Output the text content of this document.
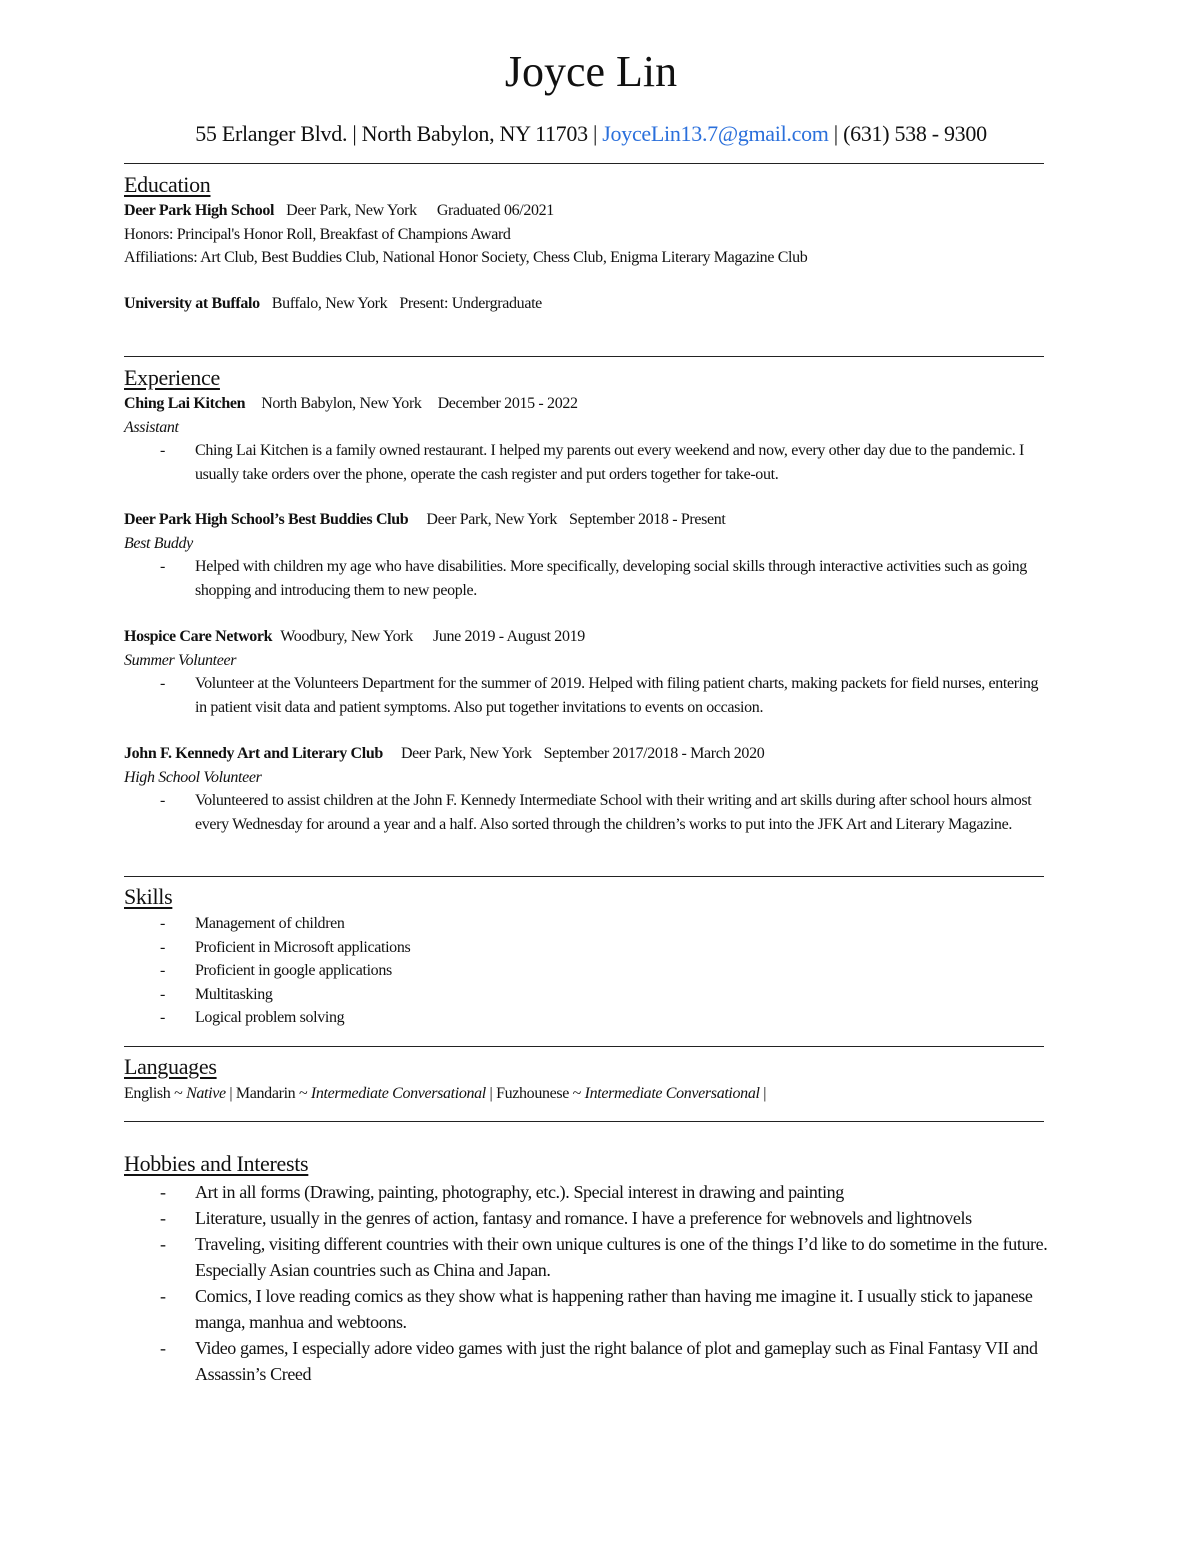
Joyce Lin
55 Erlanger Blvd. | North Babylon, NY 11703 | JoyceLin13.7@gmail.com | (631) 538 - 9300
Education
Deer Park High School Deer Park, New York Graduated 06/2021
Honors: Principal's Honor Roll, Breakfast of Champions Award
Affiliations: Art Club, Best Buddies Club, National Honor Society, Chess Club, Enigma Literary Magazine Club
University at Buffalo Buffalo, New York Present: Undergraduate
Experience
Ching Lai Kitchen North Babylon, New York December 2015 - 2022
Assistant
- Ching Lai Kitchen is a family owned restaurant. I helped my parents out every weekend and now, every other day due to the pandemic. I usually take orders over the phone, operate the cash register and put orders together for take-out.
Deer Park High School’s Best Buddies Club Deer Park, New York September 2018 - Present
Best Buddy
- Helped with children my age who have disabilities. More specifically, developing social skills through interactive activities such as going shopping and introducing them to new people.
Hospice Care Network Woodbury, New York June 2019 - August 2019
Summer Volunteer
- Volunteer at the Volunteers Department for the summer of 2019. Helped with filing patient charts, making packets for field nurses, entering in patient visit data and patient symptoms. Also put together invitations to events on occasion.
John F. Kennedy Art and Literary Club Deer Park, New York September 2017/2018 - March 2020
High School Volunteer
- Volunteered to assist children at the John F. Kennedy Intermediate School with their writing and art skills during after school hours almost every Wednesday for around a year and a half. Also sorted through the children’s works to put into the JFK Art and Literary Magazine.
Skills
- Management of children
- Proficient in Microsoft applications
- Proficient in google applications
- Multitasking
- Logical problem solving
Languages
English ~ Native | Mandarin ~ Intermediate Conversational | Fuzhounese ~ Intermediate Conversational |
Hobbies and Interests
- Art in all forms (Drawing, painting, photography, etc.). Special interest in drawing and painting
- Literature, usually in the genres of action, fantasy and romance. I have a preference for webnovels and lightnovels
- Traveling, visiting different countries with their own unique cultures is one of the things I’d like to do sometime in the future. Especially Asian countries such as China and Japan.
- Comics, I love reading comics as they show what is happening rather than having me imagine it. I usually stick to japanese manga, manhua and webtoons.
- Video games, I especially adore video games with just the right balance of plot and gameplay such as Final Fantasy VII and Assassin’s Creed
